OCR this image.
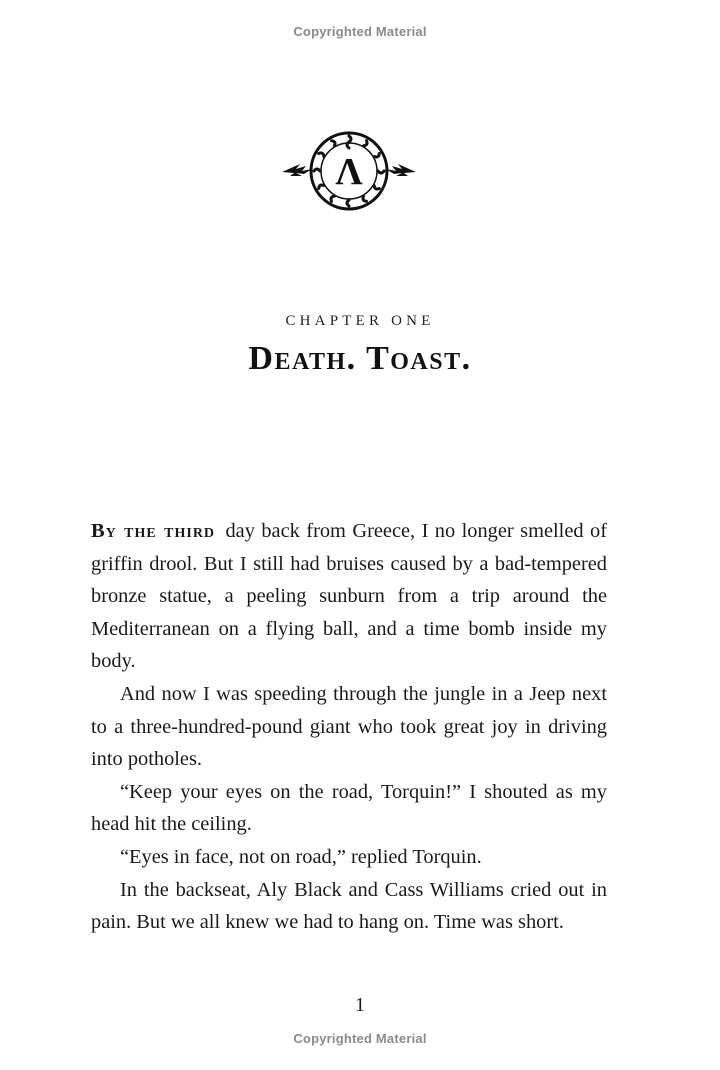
Copyrighted Material
Λ
CHAPTER ONE
Death. Toast.

By the third day back from Greece, I no longer smelled of griffin drool. But I still had bruises caused by a bad-tempered bronze statue, a peeling sunburn from a trip around the Mediterranean on a flying ball, and a time bomb inside my body.

And now I was speeding through the jungle in a Jeep next to a three-hundred-pound giant who took great joy in driving into potholes.

“Keep your eyes on the road, Torquin!” I shouted as my head hit the ceiling.

“Eyes in face, not on road,” replied Torquin.

In the backseat, Aly Black and Cass Williams cried out in pain. But we all knew we had to hang on. Time was short.

1
Copyrighted Material
